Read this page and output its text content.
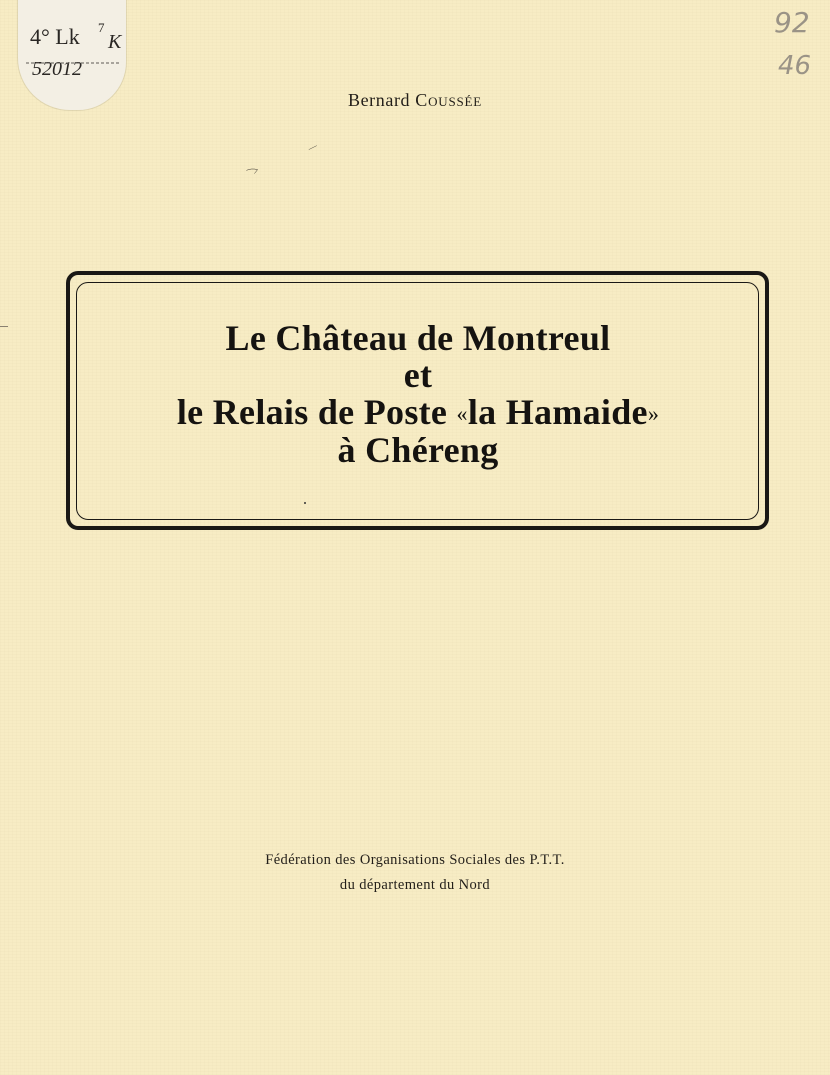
4° Lk 7
K
52012
92
46
Bernard Coussée
Le Château de Montreul
et
le Relais de Poste «la Hamaide»
à Chéreng
Fédération des Organisations Sociales des P.T.T.
du département du Nord
